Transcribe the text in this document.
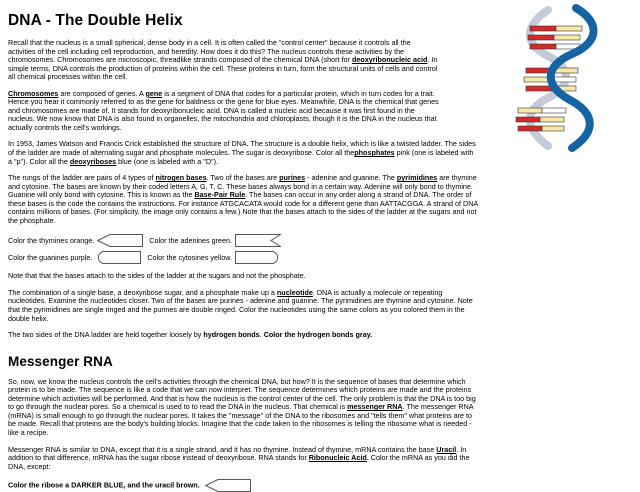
DNA - The Double Helix

Recall that the nucleus is a small spherical, dense body in a cell. It is often called the "control center" because it controls all the activities of the cell including cell reproduction, and heredity. How does it do this? The nucleus controls these activities by the chromosomes. Chromosomes are microscopic, threadlike strands composed of the chemical DNA (short for deoxyribonucleic acid. In simple terms, DNA controls the production of proteins within the cell. These proteins in turn, form the structural units of cells and control all chemical processes within the cell.

Chromosomes are composed of genes. A gene is a segment of DNA that codes for a particular protein, which in turn codes for a trait. Hence you hear it commonly referred to as the gene for baldness or the gene for blue eyes. Meanwhile, DNA is the chemical that genes and chromosomes are made of. It stands for deoxyribonucleic acid. DNA is called a nucleic acid because it was first found in the nucleus. We now know that DNA is also found in organelles, the mitochondria and chloroplasts, though it is the DNA in the nucleus that actually controls the cell's workings.

In 1953, James Watson and Francis Crick established the structure of DNA. The structure is a double helix, which is like a twisted ladder. The sides of the ladder are made of alternating sugar and phosphate molecules. The sugar is deoxyribose. Color all thephosphates pink (one is labeled with a "p"). Color all the deoxyriboses blue (one is labeled with a "D").

The rungs of the ladder are pairs of 4 types of nitrogen bases. Two of the bases are purines - adenine and guanine. The pyrimidines are thymine and cytosine. The bases are known by their coded letters A, G, T, C. These bases always bond in a certain way. Adenine will only bond to thymine. Guanine will only bond with cytosine. This is known as the Base-Pair Rule. The bases can occur in any order along a strand of DNA. The order of these bases is the code the contains the instructions. For instance ATGCACATA would code for a different gene than AATTACGGA. A strand of DNA contains millions of bases. (For simplicity, the image only contains a few.) Note that the bases attach to the sides of the ladder at the sugars and not the phosphate.

Color the thymines orange.	Color the adenines green.
Color the guanines purple.	Color the cytosines yellow.

Note that that the bases attach to the sides of the ladder at the sugars and not the phosphate.

The combination of a single base, a deoxyribose sugar, and a phosphate make up a nucleotide. DNA is actually a molecule or repeating nucleotides. Examine the nucleotides closer. Two of the bases are purines - adenine and guanine. The pyrimidines are thymine and cytosine. Note that the pyrimidines are single ringed and the purines are double ringed. Color the nucleotides using the same colors as you colored them in the double helix.

The two sides of the DNA ladder are held together loosely by hydrogen bonds. Color the hydrogen bonds gray.

Messenger RNA

So, now, we know the nucleus controls the cell's activities through the chemical DNA, but how? It is the sequence of bases that determine which protein is to be made. The sequence is like a code that we can now interpret. The sequence determines which proteins are made and the proteins determine which activities will be performed. And that is how the nucleus is the control center of the cell. The only problem is that the DNA is too big to go through the nuclear pores. So a chemical is used to to read the DNA in the nucleus. That chemical is messenger RNA. The messenger RNA (mRNA) is small enough to go through the nuclear pores. It takes the "message" of the DNA to the ribosomes and "tells them" what proteins are to be made. Recall that proteins are the body's building blocks. Imagine that the code taken to the ribosomes is telling the ribosome what is needed - like a recipe.

Messenger RNA is similar to DNA, except that it is a single strand, and it has no thymine. Instead of thymine, mRNA contains the base Uracil. In addition to that difference, mRNA has the sugar ribose instead of deoxyribose. RNA stands for Ribonucleic Acid. Color the mRNA as you did the DNA, except:

Color the ribose a DARKER BLUE, and the uracil brown.
